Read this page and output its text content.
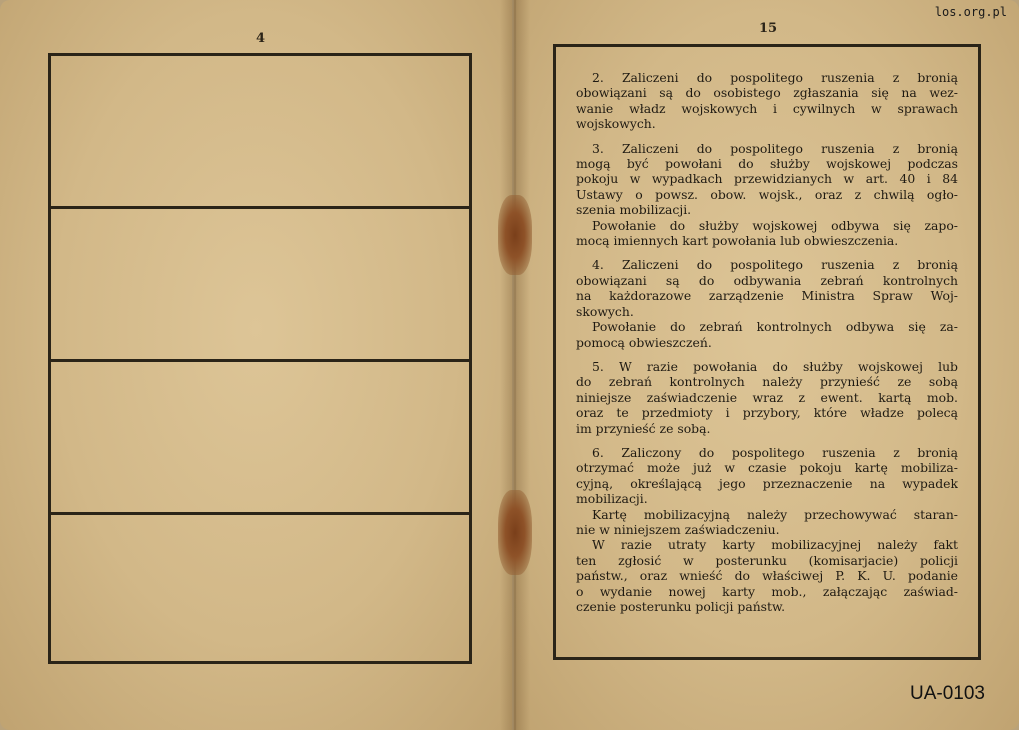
4
15
2. Zaliczeni do pospolitego ruszenia z bronią
obowiązani są do osobistego zgłaszania się na wez-
wanie władz wojskowych i cywilnych w sprawach
wojskowych.
3. Zaliczeni do pospolitego ruszenia z bronią
mogą być powołani do służby wojskowej podczas
pokoju w wypadkach przewidzianych w art. 40 i 84
Ustawy o powsz. obow. wojsk., oraz z chwilą ogło-
szenia mobilizacji.
Powołanie do służby wojskowej odbywa się zapo-
mocą imiennych kart powołania lub obwieszczenia.
4. Zaliczeni do pospolitego ruszenia z bronią
obowiązani są do odbywania zebrań kontrolnych
na każdorazowe zarządzenie Ministra Spraw Woj-
skowych.
Powołanie do zebrań kontrolnych odbywa się za-
pomocą obwieszczeń.
5. W razie powołania do służby wojskowej lub
do zebrań kontrolnych należy przynieść ze sobą
niniejsze zaświadczenie wraz z ewent. kartą mob.
oraz te przedmioty i przybory, które władze polecą
im przynieść ze sobą.
6. Zaliczony do pospolitego ruszenia z bronią
otrzymać może już w czasie pokoju kartę mobiliza-
cyjną, określającą jego przeznaczenie na wypadek
mobilizacji.
Kartę mobilizacyjną należy przechowywać staran-
nie w niniejszem zaświadczeniu.
W razie utraty karty mobilizacyjnej należy fakt
ten zgłosić w posterunku (komisarjacie) policji
państw., oraz wnieść do właściwej P. K. U. podanie
o wydanie nowej karty mob., załączając zaświad-
czenie posterunku policji państw.
los.org.pl
UA-0103
